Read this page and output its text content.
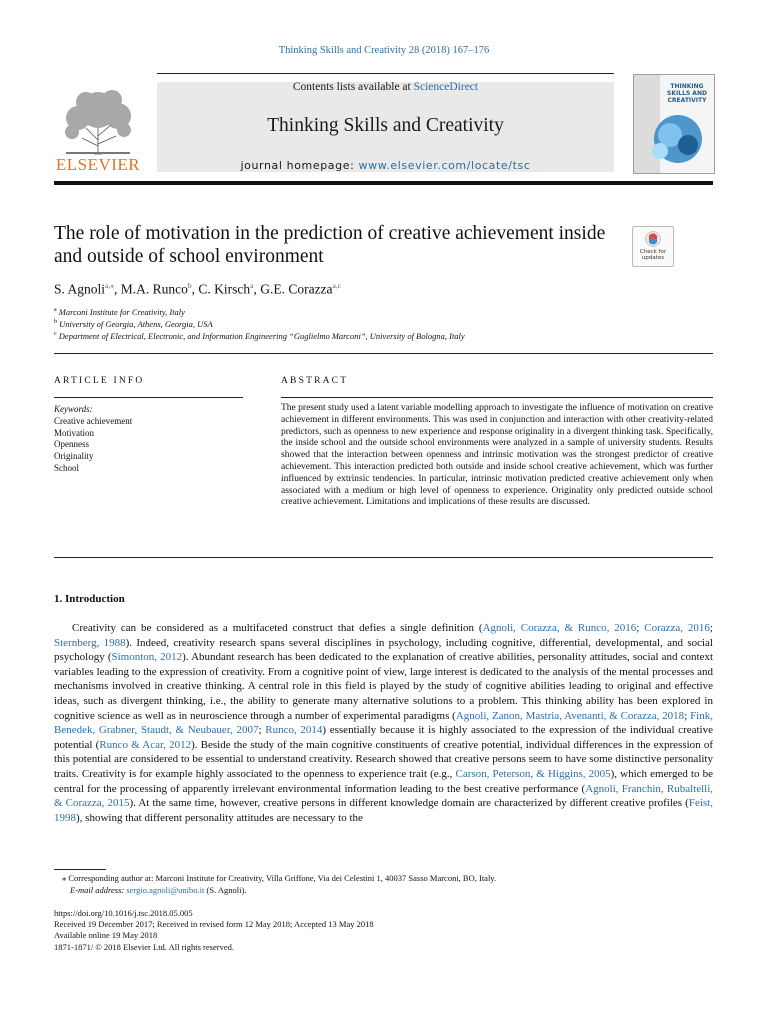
Thinking Skills and Creativity 28 (2018) 167–176
ELSEVIER
Contents lists available at ScienceDirect
Thinking Skills and Creativity
journal homepage: www.elsevier.com/locate/tsc
THINKING SKILLS AND CREATIVITY
The role of motivation in the prediction of creative achievement inside and outside of school environment	Check for updates
S. Agnoli$^{a,⁎}$, M.A. Runco$^b$, C. Kirsch$^a$, G.E. Corazza$^{a,c}$
$^a$ Marconi Institute for Creativity, Italy
$^b$ University of Georgia, Athens, Georgia, USA
$^c$ Department of Electrical, Electronic, and Information Engineering “Guglielmo Marconi”, University of Bologna, Italy
ARTICLE INFO
Keywords:
Creative achievement
Motivation
Openness
Originality
School
ABSTRACT
The present study used a latent variable modelling approach to investigate the influence of motivation on creative achievement in different environments. This was used in conjunction and interaction with other creativity-related predictors, such as openness to new experience and response originality in a divergent thinking task. Specifically, the inside school and the outside school environments were analyzed in a sample of university students. Results showed that the interaction between openness and intrinsic motivation was the strongest predictor of creative achievement. This interaction predicted both outside and inside school creative achievement, which was further influenced by extrinsic tendencies. In particular, intrinsic motivation predicted creative achievement only when associated with a medium or high level of openness to experience. Originality only predicted outside school creative achievement. Limitations and implications of these results are discussed.
1. Introduction
Creativity can be considered as a multifaceted construct that defies a single definition (Agnoli, Corazza, & Runco, 2016; Corazza, 2016; Sternberg, 1988). Indeed, creativity research spans several disciplines in psychology, including cognitive, differential, developmental, and social psychology (Simonton, 2012). Abundant research has been dedicated to the explanation of creative abilities, personality attitudes, social and context variables leading to the expression of creativity. From a cognitive point of view, large interest is dedicated to the analysis of the mental processes and mechanisms involved in creative thinking. A central role in this field is played by the study of cognitive abilities leading to original and effective ideas, such as divergent thinking, i.e., the ability to generate many alternative solutions to a problem. This thinking ability has been explored in cognitive science as well as in neuroscience through a number of experimental paradigms (Agnoli, Zanon, Mastria, Avenanti, & Corazza, 2018; Fink, Benedek, Grabner, Staudt, & Neubauer, 2007; Runco, 2014) essentially because it is highly associated to the expression of the individual creative potential (Runco & Acar, 2012). Beside the study of the main cognitive constituents of creative potential, individual differences in the expression of this potential are considered to be essential to understand creativity. Research showed that creative persons seem to have some distinctive personality traits. Creativity is for example highly associated to the openness to experience trait (e.g., Carson, Peterson, & Higgins, 2005), which emerged to be central for the processing of apparently irrelevant environmental information leading to the best creative performance (Agnoli, Franchin, Rubaltelli, & Corazza, 2015). At the same time, however, creative persons in different knowledge domain are characterized by different creative profiles (Feist, 1998), showing that different personality attitudes are necessary to the
⁎ Corresponding author at: Marconi Institute for Creativity, Villa Griffone, Via dei Celestini 1, 40037 Sasso Marconi, BO, Italy.
E-mail address: sergio.agnoli@unibo.it (S. Agnoli).
https://doi.org/10.1016/j.tsc.2018.05.005
Received 19 December 2017; Received in revised form 12 May 2018; Accepted 13 May 2018
Available online 19 May 2018
1871-1871/ © 2018 Elsevier Ltd. All rights reserved.
